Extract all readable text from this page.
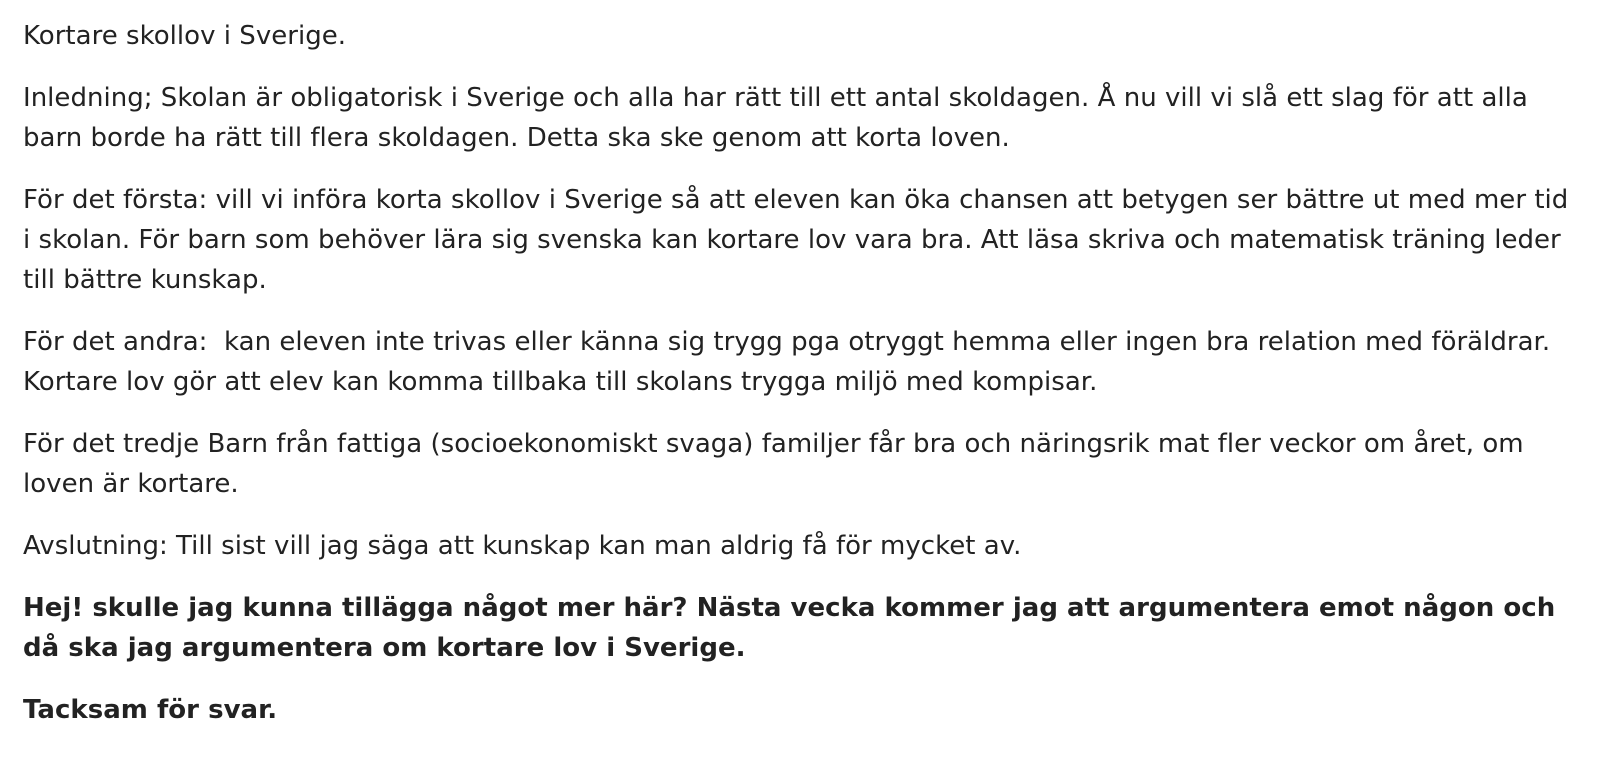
Kortare skollov i Sverige.

Inledning; Skolan är obligatorisk i Sverige och alla har rätt till ett antal skoldagen. Å nu vill vi slå ett slag för att alla barn borde ha rätt till flera skoldagen. Detta ska ske genom att korta loven.

För det första: vill vi införa korta skollov i Sverige så att eleven kan öka chansen att betygen ser bättre ut med mer tid i skolan. För barn som behöver lära sig svenska kan kortare lov vara bra. Att läsa skriva och matematisk träning leder till bättre kunskap.

För det andra:  kan eleven inte trivas eller känna sig trygg pga otryggt hemma eller ingen bra relation med föräldrar. Kortare lov gör att elev kan komma tillbaka till skolans trygga miljö med kompisar.

För det tredje Barn från fattiga (socioekonomiskt svaga) familjer får bra och näringsrik mat fler veckor om året, om loven är kortare.

Avslutning: Till sist vill jag säga att kunskap kan man aldrig få för mycket av.

Hej! skulle jag kunna tillägga något mer här? Nästa vecka kommer jag att argumentera emot någon och då ska jag argumentera om kortare lov i Sverige.

Tacksam för svar.
